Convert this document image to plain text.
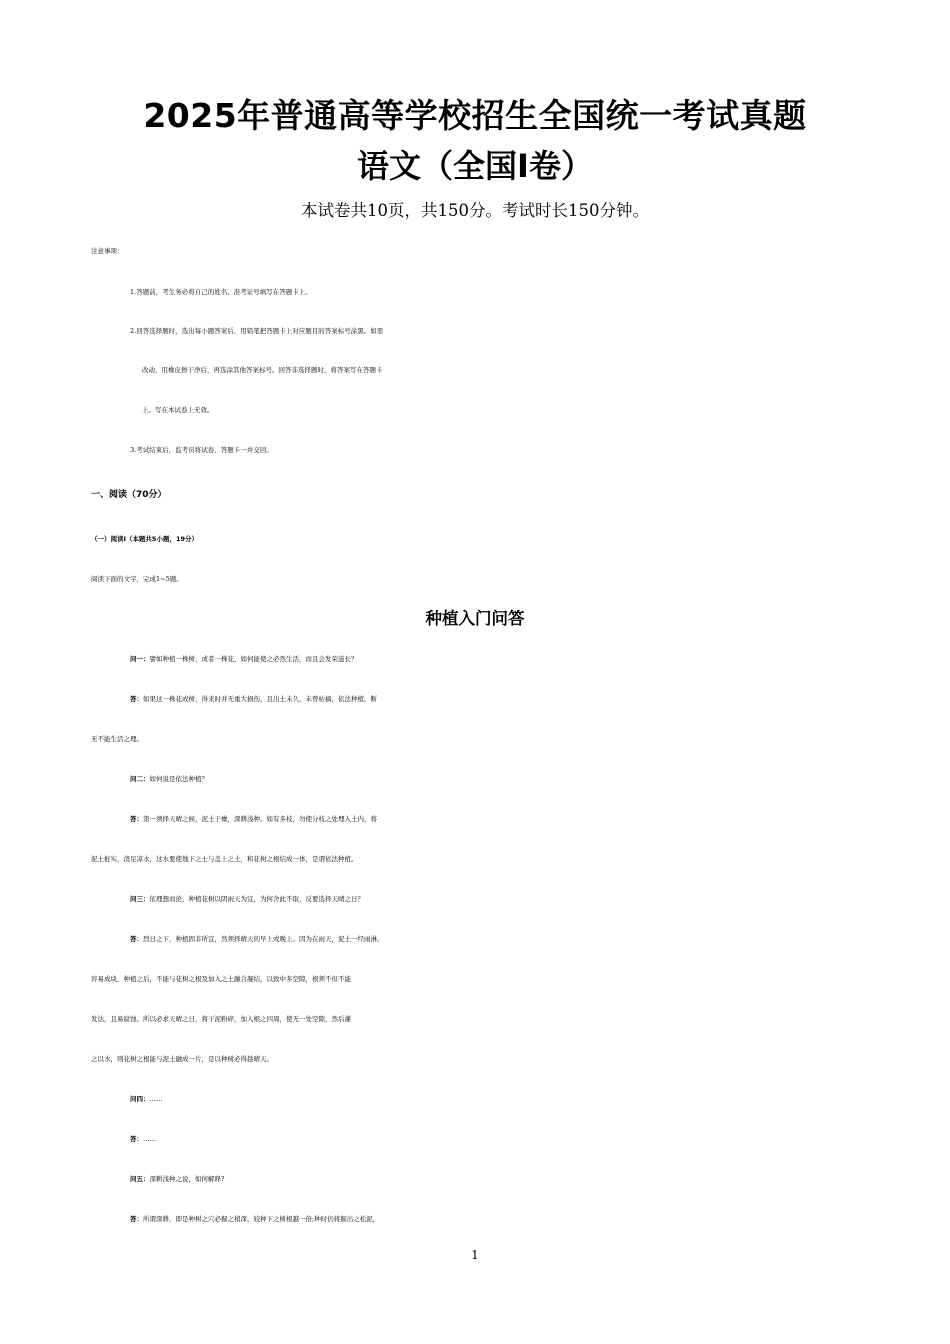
2025年普通高等学校招生全国统一考试真题
语文（全国Ⅰ卷）
本试卷共10页，共150分。考试时长150分钟。
注意事项：
1.答题前，考生务必将自己的姓名、准考证号填写在答题卡上。
2.回答选择题时，选出每小题答案后，用铅笔把答题卡上对应题目的答案标号涂黑。如需
改动，用橡皮擦干净后，再选涂其他答案标号。回答非选择题时，将答案写在答题卡
上。写在本试卷上无效。
3.考试结束后，监考员将试卷、答题卡一并交回。
一、阅读（70分）
（一）阅读Ⅰ（本题共5小题，19分）
阅读下面的文字，完成1~5题。
种植入门问答
问一：譬如种植一株树，或者一株花，如何能使之必然生活，而且会发荣滋长？
答：如果这一株花或树，得来时并无重大损伤，且出土未久，未曾枯槁，依法种植，断
无不能生活之理。
问二：如何说是依法种植？
答：第一须择天晴之候，泥土干燥，深耕浅种。如有多枝，勿使分枝之处埋入土内，将
泥土桩实，浇足凉水，这水要使地下之士与盖上之土，和花树之根结成一体，是谓依法种植。
问三：依理想而论，种植花树以阴雨天为宜，为何舍此不取，反要选择天晴之日？
答：烈日之下，种植固非所宜，然须择晴天的早上或晚上。因为在雨天，泥土一经雨淋，
容易成块，种植之后，不能与花树之根及加入之土融合凝结，以致中多空隙，根须不但不能
发达，且易腐蚀。所以必求天晴之日，将干泥粉碎，加入根之四周，使无一处空隙，然后灌
之以水，则花树之根能与泥土融成一片，是以种树必得趁晴天。
问四：……
答：……
问五：深耕浅种之说，如何解释?
答：所谓深耕，即是种树之穴必掘之稍深，较种下之树根越一倍;种时仍将掘出之松泥，
1
